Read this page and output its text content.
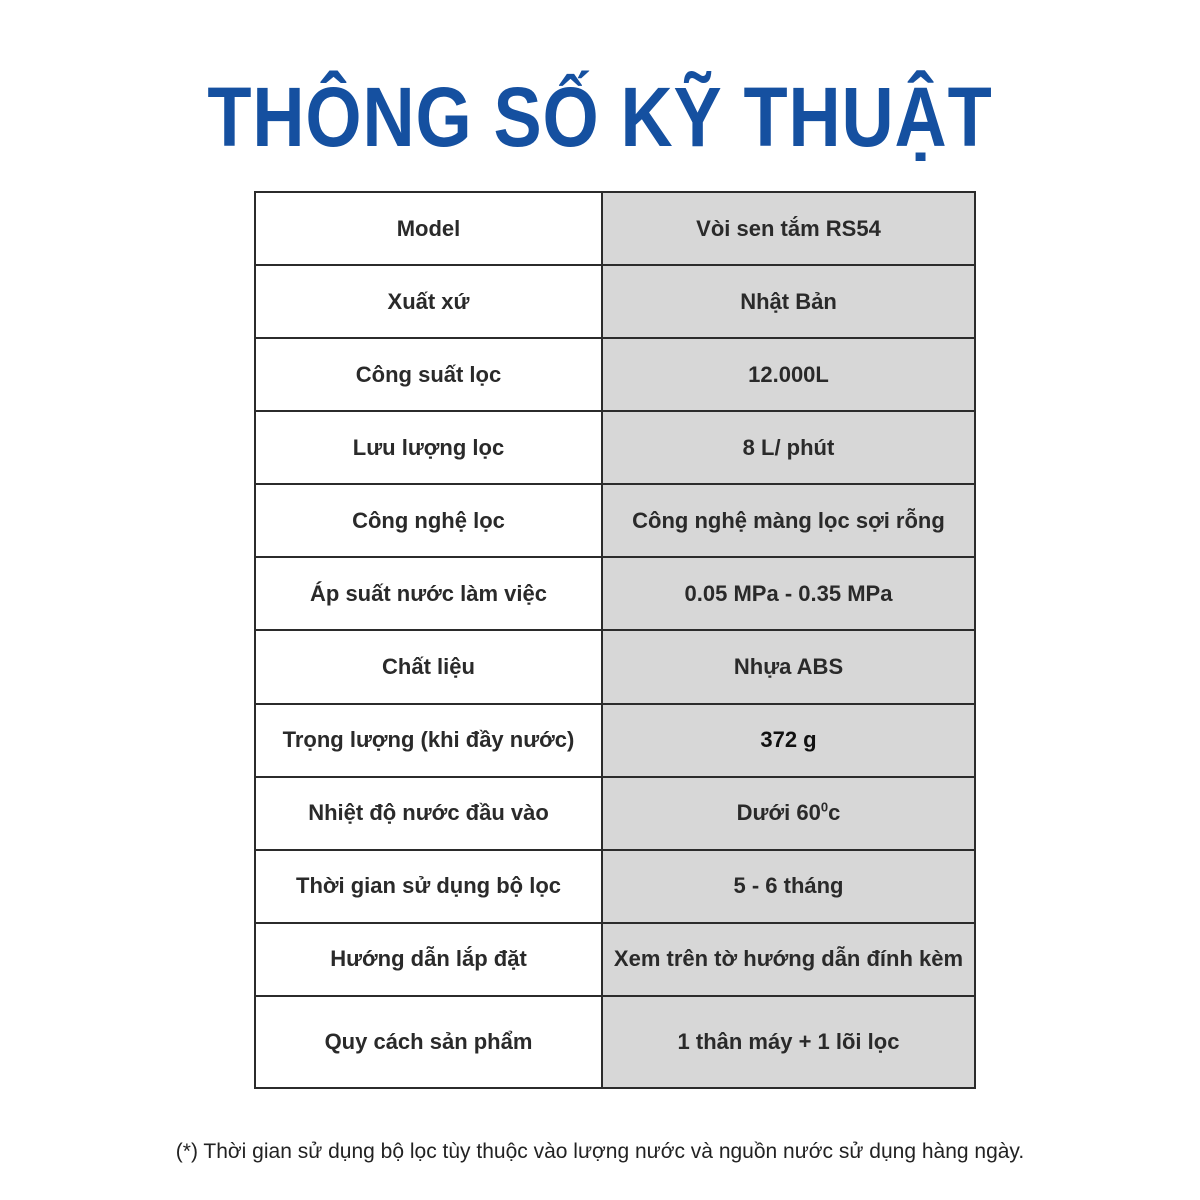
THÔNG SỐ KỸ THUẬT
Model	Vòi sen tắm RS54
Xuất xứ	Nhật Bản
Công suất lọc	12.000L
Lưu lượng lọc	8 L/ phút
Công nghệ lọc	Công nghệ màng lọc sợi rỗng
Áp suất nước làm việc	0.05 MPa - 0.35 MPa
Chất liệu	Nhựa ABS
Trọng lượng (khi đầy nước)	372 g
Nhiệt độ nước đầu vào	Dưới $60^0c$
Thời gian sử dụng bộ lọc	5 - 6 tháng
Hướng dẫn lắp đặt	Xem trên tờ hướng dẫn đính kèm
Quy cách sản phẩm	1 thân máy + 1 lõi lọc
(*) Thời gian sử dụng bộ lọc tùy thuộc vào lượng nước và nguồn nước sử dụng hàng ngày.
